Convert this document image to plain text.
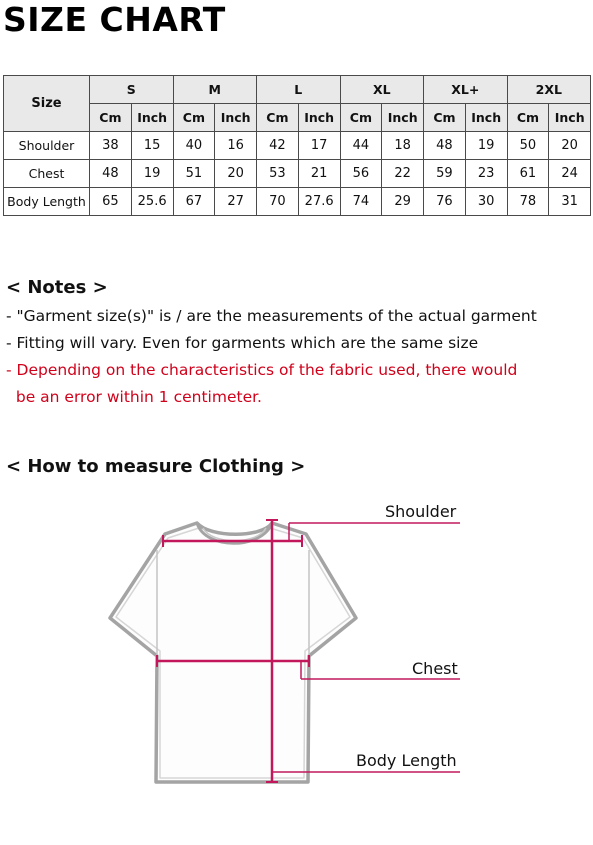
SIZE CHART
Size	S		M		L		XL		XL+		2XL	
	Cm	Inch	Cm	Inch	Cm	Inch	Cm	Inch	Cm	Inch	Cm	Inch
Shoulder	38	15	40	16	42	17	44	18	48	19	50	20
Chest	48	19	51	20	53	21	56	22	59	23	61	24
Body Length	65	25.6	67	27	70	27.6	74	29	76	30	78	31
< Notes >
- "Garment size(s)" is / are the measurements of the actual garment
- Fitting will vary. Even for garments which are the same size
- Depending on the characteristics of the fabric used, there would
be an error within 1 centimeter.
< How to measure Clothing >
Shoulder
Chest
Body Length
